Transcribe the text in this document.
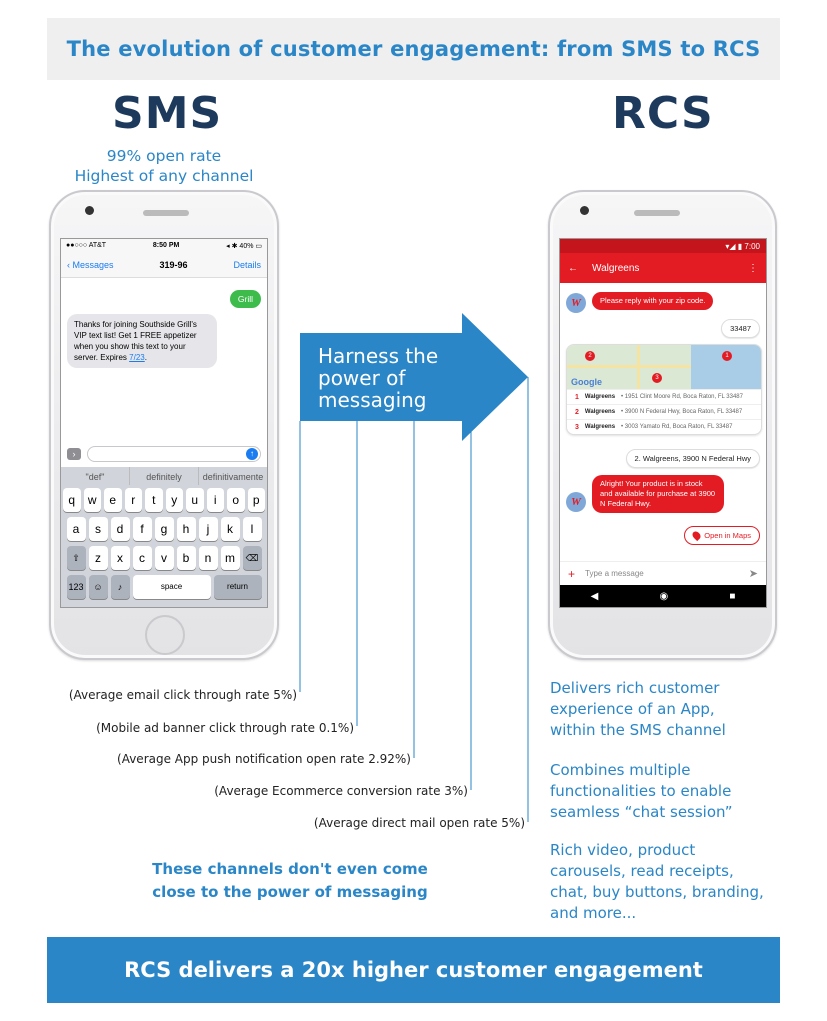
The evolution of customer engagement: from SMS to RCS
SMS
99% open rate
Highest of any channel
RCS
●●○○○ AT&T	8:50 PM	◂ ✱ 40% ▭
‹ Messages	319-96	Details
Grill
Thanks for joining Southside Grill's VIP text list! Get 1 FREE appetizer when you show this text to your server. Expires 7/23.
›	↑
"def"	definitely	definitivamente
q	w	e	r	t	y	u	i	o	p
a	s	d	f	g	h	j	k	l
⇧	z	x	c	v	b	n	m	⌫
123	☺	♪	space	return
▾◢ ▮ 7:00
← Walgreens	⋮
W	Please reply with your zip code.
33487
2
3
1
Google
1 Walgreens • 1951 Clint Moore Rd, Boca Raton, FL 33487
2 Walgreens • 3900 N Federal Hwy, Boca Raton, FL 33487
3 Walgreens • 3003 Yamato Rd, Boca Raton, FL 33487
2. Walgreens, 3900 N Federal Hwy
W
Alright! Your product is in stock and available for purchase at 3900 N Federal Hwy.
Open in Maps
+ Type a message	➤
◀	◉	■
Harness the
power of
messaging
(Average email click through rate 5%)
(Mobile ad banner click through rate 0.1%)
(Average App push notification open rate 2.92%)
(Average Ecommerce conversion rate 3%)
(Average direct mail open rate 5%)
These channels don't even come
close to the power of messaging
Delivers rich customer
experience of an App,
within the SMS channel
Combines multiple
functionalities to enable
seamless “chat session”
Rich video, product
carousels, read receipts,
chat, buy buttons, branding,
and more...
RCS delivers a 20x higher customer engagement
